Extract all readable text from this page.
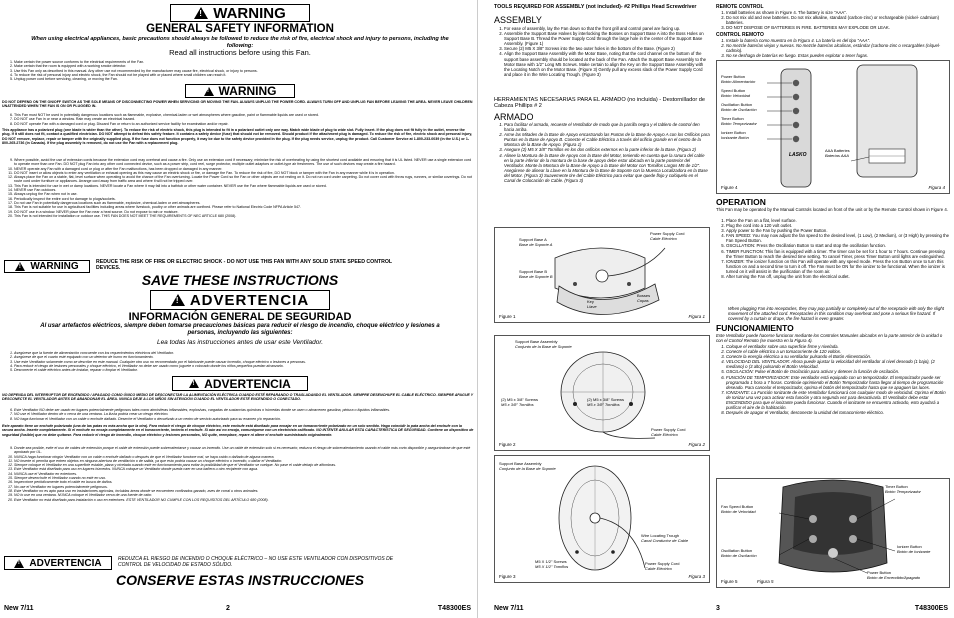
!
WARNING
GENERAL SAFETY INFORMATION
When using electrical appliances, basic precautions should always be followed to reduce the risk of fire, electrical shock and injury to persons, including the following:
Read all instructions before using this Fan.
1. Make certain the power source conforms to the electrical requirements of the Fan.
2. Make certain that the room is equipped with a working smoke detector.
3. Use this Fan only as described in this manual. Any other use not recommended by the manufacturer may cause fire, electrical shock, or injury to persons.
4. To reduce the risk of personal injury and electric shock, the Fan should not be played with or placed where small children can reach it.
5. Unplug power cord before servicing, cleaning, or moving the Fan.
!
WARNING
DO NOT DEPEND ON THE ON/OFF SWITCH AS THE SOLE MEANS OF DISCONNECTING POWER WHEN SERVICING OR MOVING THE FAN. ALWAYS UNPLUG THE POWER CORD. ALWAYS TURN OFF AND UNPLUG FAN BEFORE LEAVING THE AREA. NEVER LEAVE CHILDREN UNATTENDED WHEN THE FAN IS ON OR PLUGGED IN.
6. This Fan must NOT be used in potentially dangerous locations such as flammable, explosive, chemical-laden or wet atmospheres where gasoline, paint or flammable liquids are used or stored.
7. DO NOT use Fan in or near a window. Rain may create an electrical hazard.
8. DO NOT operate Fan with a damaged cord or plug. Discard Fan or return to an authorized service facility for examination and/or repair.
This appliance has a polarized plug (one blade is wider than the other). To reduce the risk of electric shock, this plug is intended to fit in a polarized outlet only one way. Match wide blade of plug to wide slot. Fully insert. If the plug does not fit fully in the outlet, reverse the plug. If it still does not fit, contact a qualified electrician. DO NOT attempt to defeat this safety feature. It contains a safety device (fuse) that should not be removed. Should product if the attachment plug is damaged. To reduce the risk of fire, electric shock and personal injury, DO NOT remove, replace, repair or tamper with the originally supplied plug. If the fuse does not function properly, it may be due to the safety device provided in the plug. If the plug needs service, unplug the product. Call Customer Service at 1-800-233-0039 (in the U.S.) or 1-800-265-2736 (in Canada). If the plug assembly is removed, do not use the Fan with a replacement plug.
9. Where possible, avoid the use of extension cords because the extension cord may overheat and cause a fire. Only use an extension cord if necessary; minimize the risk of overheating by using the shortest cord available and ensuring that it is UL listed. NEVER use a single extension cord to operate more than one Fan. DO NOT plug Fan into any other cord connected device, such as a power strip, cord reel, surge protector, multiple outlet adaptors or outlet-type air fresheners. The use of such devices may create a fire hazard.
10. NEVER operate any Fan with a damaged cord or plug or after the Fan malfunctions, has been dropped or damaged in any manner.
11. DO NOT insert or allow objects to enter any ventilation or exhaust opening as this may cause an electric shock or fire, or damage the Fan. To reduce the risk of fire, DO NOT block or tamper with the Fan in any manner while it is in operation.
12. Always place the Fan on a stable, flat, level surface when operating to avoid the chance of the Fan overturning. Locate the Power Cord so the Fan or other objects are not resting on it. Do not run cord under carpeting. Do not cover cord with throw rugs, runners, or similar coverings. Do not route cord under furniture or appliances. Arrange cord away from traffic area and where it will not be tripped over.
13. This Fan is intended for use in wet or damp locations. NEVER locate a Fan where it may fall into a bathtub or other water container. NEVER use the Fan where flammable liquids are used or stored.
14. NEVER use Fan outdoors.
15. Always unplug the Fan when not in use.
16. Periodically inspect the entire cord for damage to plugs/sockets.
17. Do not use Fan in potentially dangerous locations such as flammable, explosive, chemical-laden or wet atmospheres.
18. This Fan is not suitable for use in agricultural facilities including areas where livestock, poultry or other animals are confined. Please refer to National Electric Code NFPA Article 547.
19. DO NOT use in a window. NEVER place the Fan near a heat source. Do not expose to rain or moisture.
20. This Fan is not intended for installation or outdoor use. THIS FAN DOES NOT MEET THE REQUIREMENTS OF NEC ARTICLE 680 (2008).
!
WARNING	REDUCE THE RISK OF FIRE OR ELECTRIC SHOCK - DO NOT USE THIS FAN WITH ANY SOLID STATE SPEED CONTROL DEVICES.
SAVE THESE INSTRUCTIONS
!
ADVERTENCIA
INFORMACIÓN GENERAL DE SEGURIDAD
Al usar artefactos eléctricos, siempre deben tomarse precauciones básicas para reducir el riesgo de incendio, choque eléctrico y lesiones a personas, incluyendo las siguientes:
Lea todas las instrucciones antes de usar este Ventilador.
1. Asegúrese que la fuente de alimentación concuerde con los requerimientos eléctricos del Ventilador.
2. Asegúrese de que el cuarto esté equipado con un detector de humo en funcionamiento.
3. Use este Ventilador solamente como se describe en este manual. Cualquier otro uso no recomendado por el fabricante puede causar incendio, choque eléctrico o lesiones a personas.
4. Para reducir el riesgo de lesiones personales y choque eléctrico, el Ventilador no debe ser usado como juguete o colocado donde los niños pequeños puedan alcanzarlo.
5. Desconecte el cable eléctrico antes de instalar, reparar o limpiar el Ventilador.
!
ADVERTENCIA
NO DEPENDA DEL INTERRUPTOR DE ENCENDIDO / APAGADO COMO ÚNICO MEDIO DE DESCONECTAR LA ALIMENTACIÓN ELÉCTRICA CUANDO ESTÉ REPARANDO O TRASLADANDO EL VENTILADOR. SIEMPRE DESENCHUFE EL CABLE ELÉCTRICO. SIEMPRE APAGUE Y DESCONECTE EL VENTILADOR ANTES DE ABANDONAR EL ÁREA. NUNCA DEJE A LOS NIÑOS SIN ATENCIÓN CUANDO EL VENTILADOR ESTÉ ENCENDIDO O CONECTADO.
6. Este Ventilador NO debe ser usado en lugares potencialmente peligrosos tales como atmósferas inflamables, explosivas, cargadas de sustancias químicas o húmedas donde se usen o almacenen gasolina, pintura o líquidos inflamables.
7. NO use el Ventilador dentro de o cerca de una ventana. La lluvia podría crear un riesgo eléctrico.
8. NO haga funcionar el Ventilador con un cable o enchufe dañado. Deseche el Ventilador o devuélvalo a un centro de servicio autorizado para su examen y/o reparación.
Este aparato tiene un enchufe polarizado (una de las patas es más ancha que la otra). Para reducir el riesgo de choque eléctrico, este enchufe está diseñado para encajar en un tomacorriente polarizado en un solo sentido. Haga coincidir la pata ancha del enchufe con la ranura ancha. Inserte completamente. Si el enchufe no encaja completamente en el tomacorriente, invierta el enchufe. Si aún así no encaja, comuníquese con un electricista calificado. NO INTENTE ANULAR ESTA CARACTERÍSTICA DE SEGURIDAD. Contiene un dispositivo de seguridad (fusible) que no debe quitarse. Para reducir el riesgo de incendio, choque eléctrico y lesiones personales, NO quite, reemplace, repare ni altere el enchufe suministrado originalmente.
9. Donde sea posible, evite el uso de cables de extensión porque el cable de extensión puede sobrecalentarse y causar un incendio. Use un cable de extensión solo si es necesario; reduzca el riesgo de sobrecalentamiento usando el cable más corto disponible y asegurándose de que esté aprobado por UL.
10. NUNCA haga funcionar ningún Ventilador con un cable o enchufe dañado o después de que el Ventilador funcione mal, se haya caído o dañado de alguna manera.
11. NO inserte ni permita que entren objetos en ninguna abertura de ventilación o de salida, ya que esto podría causar un choque eléctrico o incendio, o dañar el Ventilador.
12. Siempre coloque el Ventilador en una superficie estable, plana y nivelada cuando esté en funcionamiento para evitar la posibilidad de que el Ventilador se vuelque. No pase el cable debajo de alfombras.
13. Este Ventilador está diseñado para uso en lugares húmedos. NUNCA coloque un Ventilador donde pueda caer en una bañera u otro recipiente con agua.
14. NUNCA use el Ventilador en exteriores.
15. Siempre desenchufe el Ventilador cuando no esté en uso.
16. Inspeccione periódicamente todo el cable en busca de daños.
17. No use el Ventilador en lugares potencialmente peligrosos.
18. Este Ventilador no es apto para uso en instalaciones agrícolas, incluidas áreas donde se encuentren confinados ganado, aves de corral u otros animales.
19. NO lo use en una ventana. NUNCA coloque el Ventilador cerca de una fuente de calor.
20. Este Ventilador no está diseñado para instalación o uso en exteriores. ESTE VENTILADOR NO CUMPLE CON LOS REQUISITOS DEL ARTÍCULO 680 (2008).
!
ADVERTENCIA	REDUZCA EL RIESGO DE INCENDIO O CHOQUE ELÉCTRICO – NO USE ESTE VENTILADOR CON DISPOSITIVOS DE CONTROL DE VELOCIDAD DE ESTADO SÓLIDO.
CONSERVE ESTAS INSTRUCCIONES
New 7/11	2	T48300ES
TOOLS REQUIRED FOR ASSEMBLY (not included)- #2 Phillips Head Screwdriver
ASSEMBLY
1. For ease of assembly, lay the Fan down so that the front grill and control panel are facing up.
2. Assemble the Support Base Halves by interlocking the Bosses on Support Base A into the Boss Holes on Support Base B. Thread the Power Supply Cord through the large hole in the center of the Support Base Assembly. (Figure 1)
3. Secure (2) M5 X 3/8" Screws into the two outer holes in the bottom of the Base. (Figure 2)
4. Align the Support Base Assembly with the Motor Base, noting that the cord channel on the bottom of the support base assembly should be located at the back of the Fan. Attach the Support Base Assembly to the Motor Base with 1/2" Long M5 Screws. Make certain to align the Key on the Support Base Assembly with the Locating Notch on the Motor Base. (Figure 3) Gently pull any excess slack of the Power Supply Cord and place it in the Wire Locating Trough. (Figure 3)
HERRAMIENTAS NECESARIAS PARA EL ARMADO (no incluida) - Destornillador de Cabeza Phillips # 2
ARMADO
1. Para facilitar el armado, recueste el Ventilador de modo que la parrilla negra y el tablero de control den hacia arriba.
2. Arme las Mitades de la Base de Apoyo encastrando las Puntas de la Base de Apoyo A con los Orificios para Puntas en la Base de Apoyo B. Conecte el Cable Eléctrico a través del orificio grande en el centro de la Montura de la Base de Apoyo. (Figura 1)
3. Asegure (2) M5 X 3/8" Tornillos en los dos orificios externos en la parte inferior de la Base. (Figura 2)
4. Alinee la Montura de la Base de Apoyo con la Base del Motor, teniendo en cuenta que la ranura del cable en la parte inferior de la montura de la base de apoyo debe estar ubicada en la parte posterior del Ventilador. Monte la Montura de la Base de Apoyo a la Base del Motor con Tornillos Largos M5 de 1/2". Asegúrese de alinear la Llave en la Montura de la Base de Soporte con la Muesca Localizadora en la Base del Motor. (Figura 3) Suavemente tire del Cable Eléctrico para evitar que quede flojo y colóquelo en el Canal de Colocación de Cable. (Figura 3)
Support Base A
Base de Soporte A
Support Base B
Base de Soporte B
Power Supply Cord
Cable Eléctrico
Key
Llave
Bosses
Copas
Figure 1	Figura 1
Support Base Assembly
Conjunto de la Base de Soporte
(2) M5 x 3/8" Screws
M5 x 3/8" Tornillos
(2) M5 x 3/8" Screws
M5 x 3/8" Tornillos
Power Supply Cord
Cable Eléctrico
Figure 2	Figura 2
Support Base Assembly
Conjunto de la Base de Soporte
Wire Locating Trough
Canal Conductor de Cable
M5 X 1/2" Screws
M5 X 1/2" Tornillos
Power Supply Cord
Cable Eléctrico
Figure 3	Figura 3
REMOTE CONTROL
1. Install batteries as shown in Figure 4. The battery is size "AAA".
2. Do not mix old and new batteries. Do not mix alkaline, standard (carbon-zinc) or rechargeable (nickel- cadmium) batteries.
3. DO NOT DISPOSE OF BATTERIES IN FIRE. BATTERIES MAY EXPLODE OR LEAK.
CONTROL REMOTO
1. Instale la batería como muestra en la Figura 4. La batería es del tipo "AAA".
2. No mezcle baterías viejas y nuevas. No mezcle baterías alcalinas, estándar (carbono-zinc o recargables (níquel-cadmio).
3. No se deshaga de baterías en fuego. Estas pueden explotar o tener fugas.
LASKO
Power Button
Botón Alimentación
Speed Button
Botón Velocidad
Oscillation Button
Botón de Oscilación
Timer Button
Botón Temporizador
Ionizer Button
Ionizante Botón
AAA Batteries
Baterías AAA
Figure 4	Figura 4
OPERATION
This Fan may be operated by the Manual Controls located on front of the unit or by the Remote Control shown in Figure 4.
1. Place the Fan on a flat, level surface.
2. Plug the cord into a 120 volt outlet.
3. Apply power to the Fan by pushing the Power Button.
4. FAN SPEED: You may now adjust the fan speed to the desired level, (1 Low), (2 Medium), or (3 High) by pressing the Fan Speed Button.
5. OSCILLATION: Press the Oscillation Button to start and stop the oscillation function.
6. TIMER FUNCTION: This fan is equipped with a timer. The timer can be set for 1 hour to 7 hours. Continue pressing the Timer Button to reach the desired time setting. To cancel Timer, press Timer Button until lights are extinguished.
7. IONIZER: The ionizer function on this Fan will operate with any speed mode. Press the Ion Button once to turn this function on and a second time to turn it off. The Fan must be ON for the ionizer to be functional. When the ionizer is turned on it will assist in the purification of the room air.
8. After turning the Fan off, unplug the unit from the electrical outlet.
When plugging Fan into receptacles, they may pop partially or completely out of the receptacle with only the slight movement of the attached cord. Receptacles in this condition may overheat and pose a serious fire hazard. If covered by a curtain or drape, the fire hazard is even greater.
FUNCIONAMIENTO
Este Ventilador puede hacerse funcionar mediante los Controles Manuales ubicados en la parte anterior de la unidad o con el Control Remoto (se muestra en la Figura 4).
1. Coloque el ventilador sobre una superficie firme y nivelada.
2. Conecte el cable eléctrico a un tomacorriente de 120 voltios.
3. Conecte la energía eléctrica a su ventilador pulsando el Botón Alimentación.
4. VELOCIDAD DEL VENTILADOR: Ahora puede ajustar la velocidad del ventilador al nivel deseado (1 bajo), (2 mediano) o (3 alto) pulsando el Botón Velocidad.
5. OSCILACIÓN: Pulse el Botón de Oscilación para activar y detener la función de oscilación.
6. FUNCIÓN DE TEMPORIZADOR: Este ventilador está equipado con un temporizador. El temporizador puede ser programado 1 hora a 7 horas. Continúe oprimiendo el Botón Temporizador hasta llegar al tiempo de programación deseado. Para cancelar el temporizador, oprima el botón del temporizador hasta que se apaguen las luces.
7. IONIZANTE: La Función Ionizante de este Ventilador funcionará con cualquier modo de velocidad. Oprima el Botón de Ionizar una vez para activar esta función y otra segunda vez para desactivarla. El Ventilador debe estar ENCENDIDO para que el ionizante pueda funcionar. Cuando el ionizante se encuentra activado, esto ayudará a purificar el aire de la habitación.
8. Después de apagar el Ventilador, desconecte la unidad del tomacorriente eléctrico.
Timer Button
Botón Temporizador
Fan Speed Button
Botón de Velocidad
Ionizer Button
Botón de Ionizante
Oscillation Button
Botón de Oscilación
Power Button
Botón de Encendido/Apagado
Figure 5	Figura 5
New 7/11	3	T48300ES
